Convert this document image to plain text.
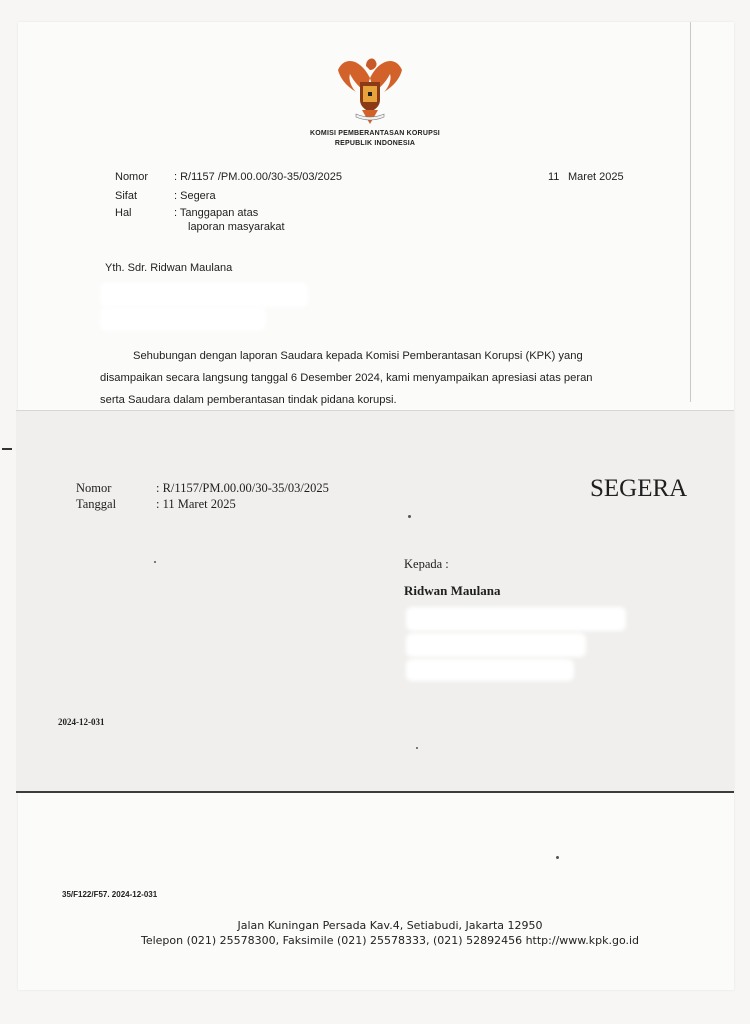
KOMISI PEMBERANTASAN KORUPSI
REPUBLIK INDONESIA
Nomor : R/1157 /PM.00.00/30-35/03/2025	11 Maret 2025
Sifat	: Segera
Hal	: Tanggapan atas
laporan masyarakat
Yth. Sdr. Ridwan Maulana
Sehubungan dengan laporan Saudara kepada Komisi Pemberantasan Korupsi (KPK) yang
disampaikan secara langsung tanggal 6 Desember 2024, kami menyampaikan apresiasi atas peran
serta Saudara dalam pemberantasan tindak pidana korupsi.
Nomor	: R/1157/PM.00.00/30-35/03/2025
Tanggal	: 11 Maret 2025
SEGERA
Kepada :
Ridwan Maulana
2024-12-031
35/F122/F57. 2024-12-031
Jalan Kuningan Persada Kav.4, Setiabudi, Jakarta 12950
Telepon (021) 25578300, Faksimile (021) 25578333, (021) 52892456 http://www.kpk.go.id
